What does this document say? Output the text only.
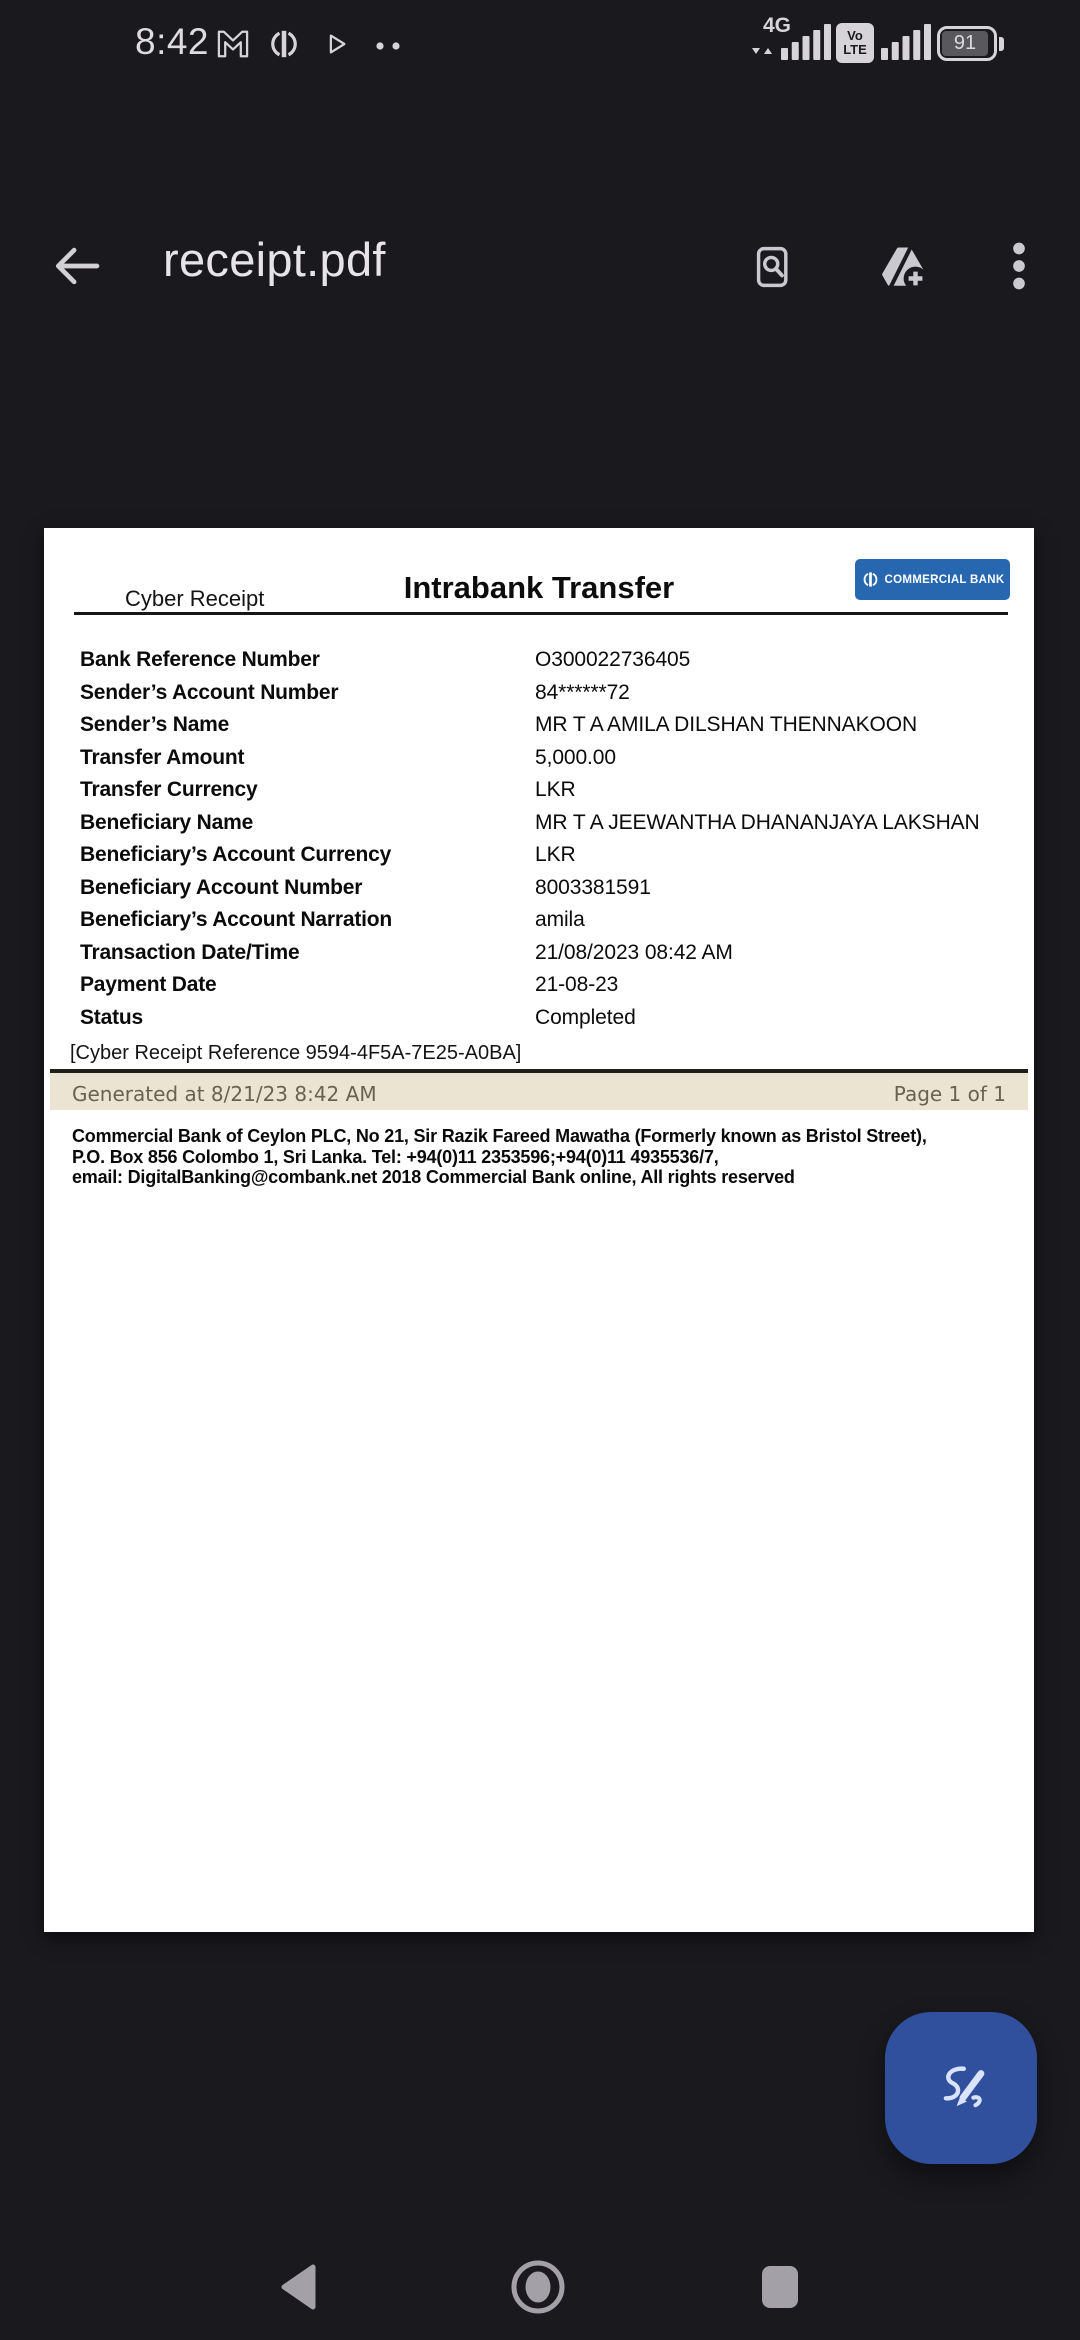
8:42	4G	Vo
LTE	91
receipt.pdf
Cyber Receipt	Intrabank Transfer	COMMERCIAL BANK
Bank Reference Number	O300022736405
Sender’s Account Number	84******72
Sender’s Name	MR T A AMILA DILSHAN THENNAKOON
Transfer Amount	5,000.00
Transfer Currency	LKR
Beneficiary Name	MR T A JEEWANTHA DHANANJAYA LAKSHAN
Beneficiary’s Account Currency	LKR
Beneficiary Account Number	8003381591
Beneficiary’s Account Narration	amila
Transaction Date/Time	21/08/2023 08:42 AM
Payment Date	21-08-23
Status	Completed
[Cyber Receipt Reference 9594-4F5A-7E25-A0BA]
Generated at 8/21/23 8:42 AM	Page 1 of 1
Commercial Bank of Ceylon PLC, No 21, Sir Razik Fareed Mawatha (Formerly known as Bristol Street),
P.O. Box 856 Colombo 1, Sri Lanka. Tel: +94(0)11 2353596;+94(0)11 4935536/7,
email: DigitalBanking@combank.net 2018 Commercial Bank online, All rights reserved
